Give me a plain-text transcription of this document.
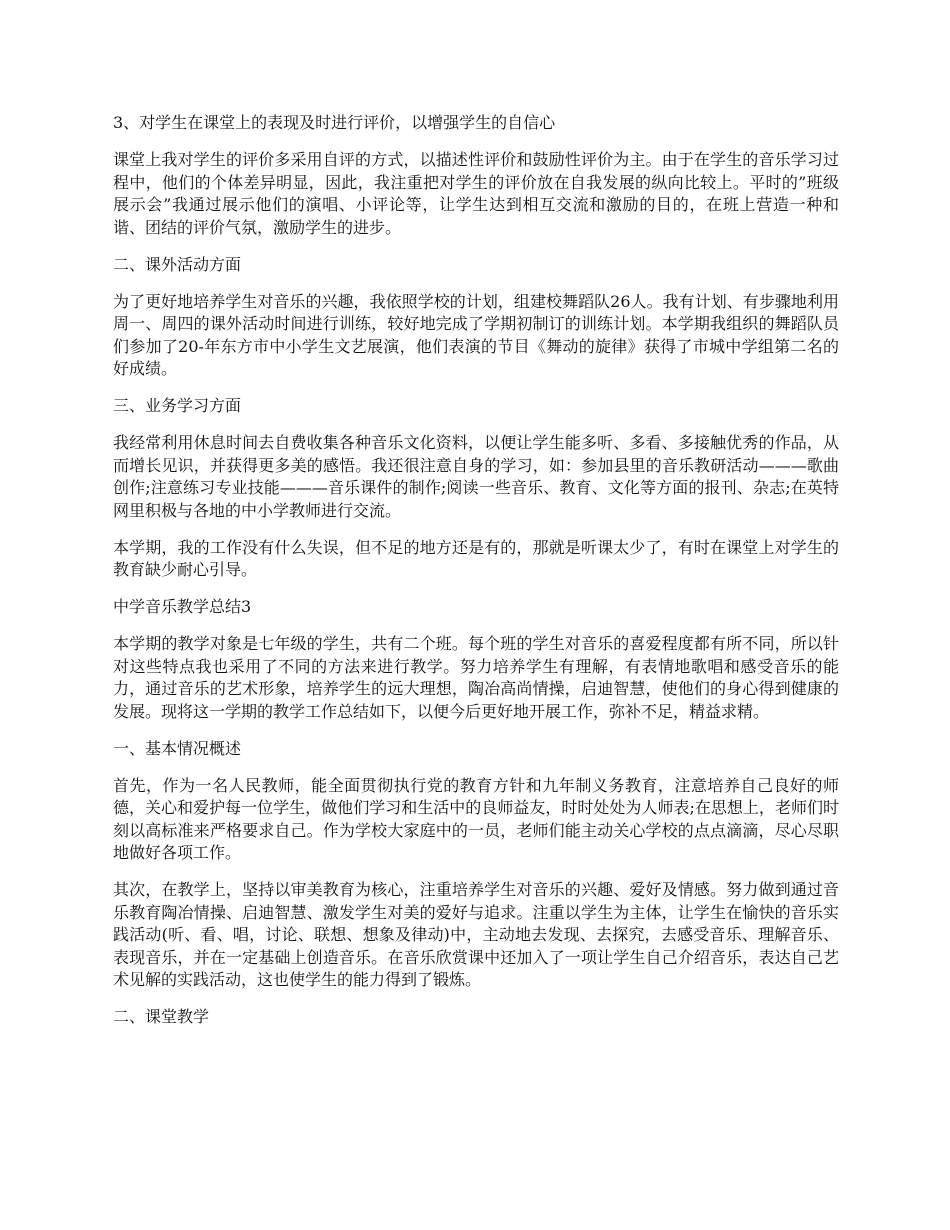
3、对学生在课堂上的表现及时进行评价，以增强学生的自信心

课堂上我对学生的评价多采用自评的方式，以描述性评价和鼓励性评价为主。由于在学生的音乐学习过程中，他们的个体差异明显，因此，我注重把对学生的评价放在自我发展的纵向比较上。平时的”班级展示会”我通过展示他们的演唱、小评论等，让学生达到相互交流和激励的目的，在班上营造一种和谐、团结的评价气氛，激励学生的进步。

二、课外活动方面

为了更好地培养学生对音乐的兴趣，我依照学校的计划，组建校舞蹈队26人。我有计划、有步骤地利用周一、周四的课外活动时间进行训练，较好地完成了学期初制订的训练计划。本学期我组织的舞蹈队员们参加了20-年东方市中小学生文艺展演，他们表演的节目《舞动的旋律》获得了市城中学组第二名的好成绩。

三、业务学习方面

我经常利用休息时间去自费收集各种音乐文化资料，以便让学生能多听、多看、多接触优秀的作品，从而增长见识，并获得更多美的感悟。我还很注意自身的学习，如：参加县里的音乐教研活动———歌曲创作;注意练习专业技能———音乐课件的制作;阅读一些音乐、教育、文化等方面的报刊、杂志;在英特网里积极与各地的中小学教师进行交流。

本学期，我的工作没有什么失误，但不足的地方还是有的，那就是听课太少了，有时在课堂上对学生的教育缺少耐心引导。

中学音乐教学总结3

本学期的教学对象是七年级的学生，共有二个班。每个班的学生对音乐的喜爱程度都有所不同，所以针对这些特点我也采用了不同的方法来进行教学。努力培养学生有理解，有表情地歌唱和感受音乐的能力，通过音乐的艺术形象，培养学生的远大理想，陶冶高尚情操，启迪智慧，使他们的身心得到健康的发展。现将这一学期的教学工作总结如下，以便今后更好地开展工作，弥补不足，精益求精。

一、基本情况概述

首先，作为一名人民教师，能全面贯彻执行党的教育方针和九年制义务教育，注意培养自己良好的师德，关心和爱护每一位学生，做他们学习和生活中的良师益友，时时处处为人师表;在思想上，老师们时刻以高标准来严格要求自己。作为学校大家庭中的一员，老师们能主动关心学校的点点滴滴，尽心尽职地做好各项工作。

其次，在教学上，坚持以审美教育为核心，注重培养学生对音乐的兴趣、爱好及情感。努力做到通过音乐教育陶冶情操、启迪智慧、激发学生对美的爱好与追求。注重以学生为主体，让学生在愉快的音乐实践活动(听、看、唱，讨论、联想、想象及律动)中，主动地去发现、去探究，去感受音乐、理解音乐、表现音乐，并在一定基础上创造音乐。在音乐欣赏课中还加入了一项让学生自己介绍音乐，表达自己艺术见解的实践活动，这也使学生的能力得到了锻炼。

二、课堂教学
